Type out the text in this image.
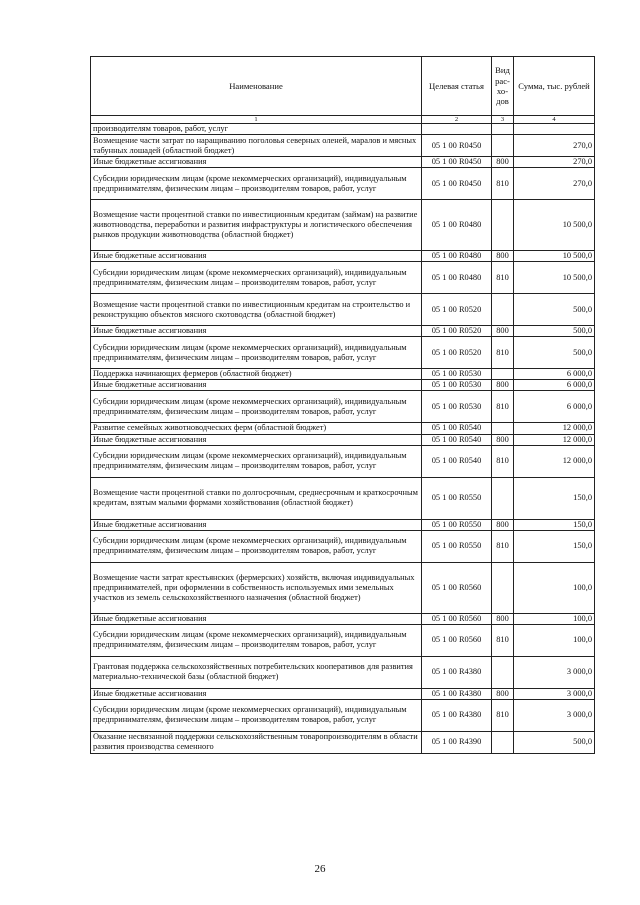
Наименование	Целевая статья	Вид рас- хо- дов	Сумма, тыс. рублей
1	2	3	4
производителям товаров, работ, услуг			
Возмещение части затрат по наращиванию поголовья северных оленей, маралов и мясных табунных лошадей (областной бюджет)	05 1 00 R0450		270,0
Иные бюджетные ассигнования	05 1 00 R0450	800	270,0
Субсидии юридическим лицам (кроме некоммерческих организаций), индивидуальным предпринимателям, физическим лицам – производителям товаров, работ, услуг	05 1 00 R0450	810	270,0
Возмещение части процентной ставки по инвестиционным кредитам (займам) на развитие животноводства, переработки и развития инфраструктуры и логистического обеспечения рынков продукции животноводства (областной бюджет)	05 1 00 R0480		10 500,0
Иные бюджетные ассигнования	05 1 00 R0480	800	10 500,0
Субсидии юридическим лицам (кроме некоммерческих организаций), индивидуальным предпринимателям, физическим лицам – производителям товаров, работ, услуг	05 1 00 R0480	810	10 500,0
Возмещение части процентной ставки по инвестиционным кредитам на строительство и реконструкцию объектов мясного скотоводства (областной бюджет)	05 1 00 R0520		500,0
Иные бюджетные ассигнования	05 1 00 R0520	800	500,0
Субсидии юридическим лицам (кроме некоммерческих организаций), индивидуальным предпринимателям, физическим лицам – производителям товаров, работ, услуг	05 1 00 R0520	810	500,0
Поддержка начинающих фермеров (областной бюджет)	05 1 00 R0530		6 000,0
Иные бюджетные ассигнования	05 1 00 R0530	800	6 000,0
Субсидии юридическим лицам (кроме некоммерческих организаций), индивидуальным предпринимателям, физическим лицам – производителям товаров, работ, услуг	05 1 00 R0530	810	6 000,0
Развитие семейных животноводческих ферм (областной бюджет)	05 1 00 R0540		12 000,0
Иные бюджетные ассигнования	05 1 00 R0540	800	12 000,0
Субсидии юридическим лицам (кроме некоммерческих организаций), индивидуальным предпринимателям, физическим лицам – производителям товаров, работ, услуг	05 1 00 R0540	810	12 000,0
Возмещение части процентной ставки по долгосрочным, среднесрочным и краткосрочным кредитам, взятым малыми формами хозяйствования (областной бюджет)	05 1 00 R0550		150,0
Иные бюджетные ассигнования	05 1 00 R0550	800	150,0
Субсидии юридическим лицам (кроме некоммерческих организаций), индивидуальным предпринимателям, физическим лицам – производителям товаров, работ, услуг	05 1 00 R0550	810	150,0
Возмещение части затрат крестьянских (фермерских) хозяйств, включая индивидуальных предпринимателей, при оформлении в собственность используемых ими земельных участков из земель сельскохозяйственного назначения (областной бюджет)	05 1 00 R0560		100,0
Иные бюджетные ассигнования	05 1 00 R0560	800	100,0
Субсидии юридическим лицам (кроме некоммерческих организаций), индивидуальным предпринимателям, физическим лицам – производителям товаров, работ, услуг	05 1 00 R0560	810	100,0
Грантовая поддержка сельскохозяйственных потребительских кооперативов для развития материально-технической базы (областной бюджет)	05 1 00 R4380		3 000,0
Иные бюджетные ассигнования	05 1 00 R4380	800	3 000,0
Субсидии юридическим лицам (кроме некоммерческих организаций), индивидуальным предпринимателям, физическим лицам – производителям товаров, работ, услуг	05 1 00 R4380	810	3 000,0
Оказание несвязанной поддержки сельскохозяйственным товаропроизводителям в области развития производства семенного	05 1 00 R4390		500,0
26
